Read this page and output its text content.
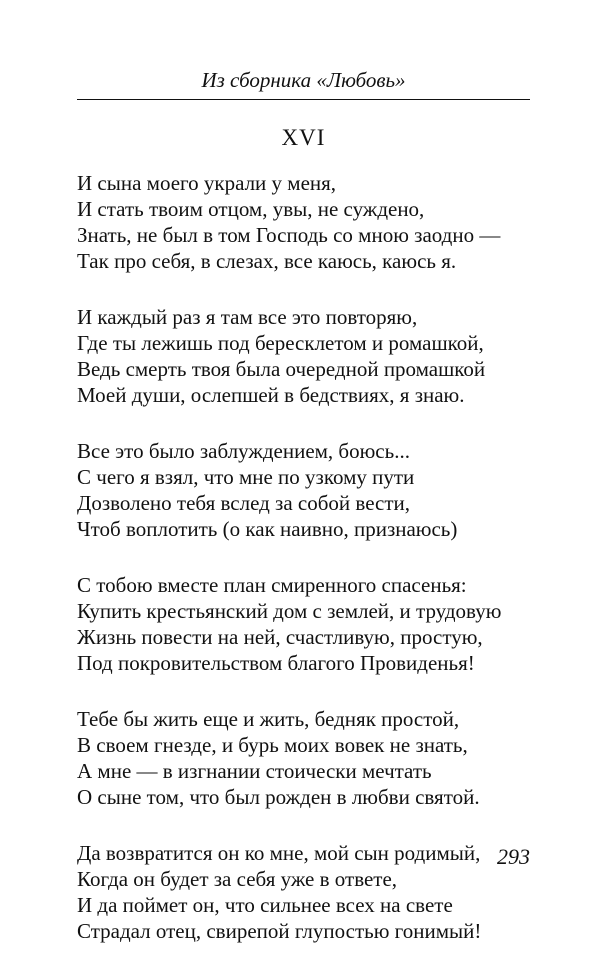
Из сборника «Любовь»
XVI
И сына моего украли у меня,
И стать твоим отцом, увы, не суждено,
Знать, не был в том Господь со мною заодно —
Так про себя, в слезах, все каюсь, каюсь я.
И каждый раз я там все это повторяю,
Где ты лежишь под бересклетом и ромашкой,
Ведь смерть твоя была очередной промашкой
Моей души, ослепшей в бедствиях, я знаю.
Все это было заблуждением, боюсь...
С чего я взял, что мне по узкому пути
Дозволено тебя вслед за собой вести,
Чтоб воплотить (о как наивно, признаюсь)
С тобою вместе план смиренного спасенья:
Купить крестьянский дом с землей, и трудовую
Жизнь повести на ней, счастливую, простую,
Под покровительством благого Провиденья!
Тебе бы жить еще и жить, бедняк простой,
В своем гнезде, и бурь моих вовек не знать,
А мне — в изгнании стоически мечтать
О сыне том, что был рожден в любви святой.
Да возвратится он ко мне, мой сын родимый,
Когда он будет за себя уже в ответе,
И да поймет он, что сильнее всех на свете
Страдал отец, свирепой глупостью гонимый!
293
